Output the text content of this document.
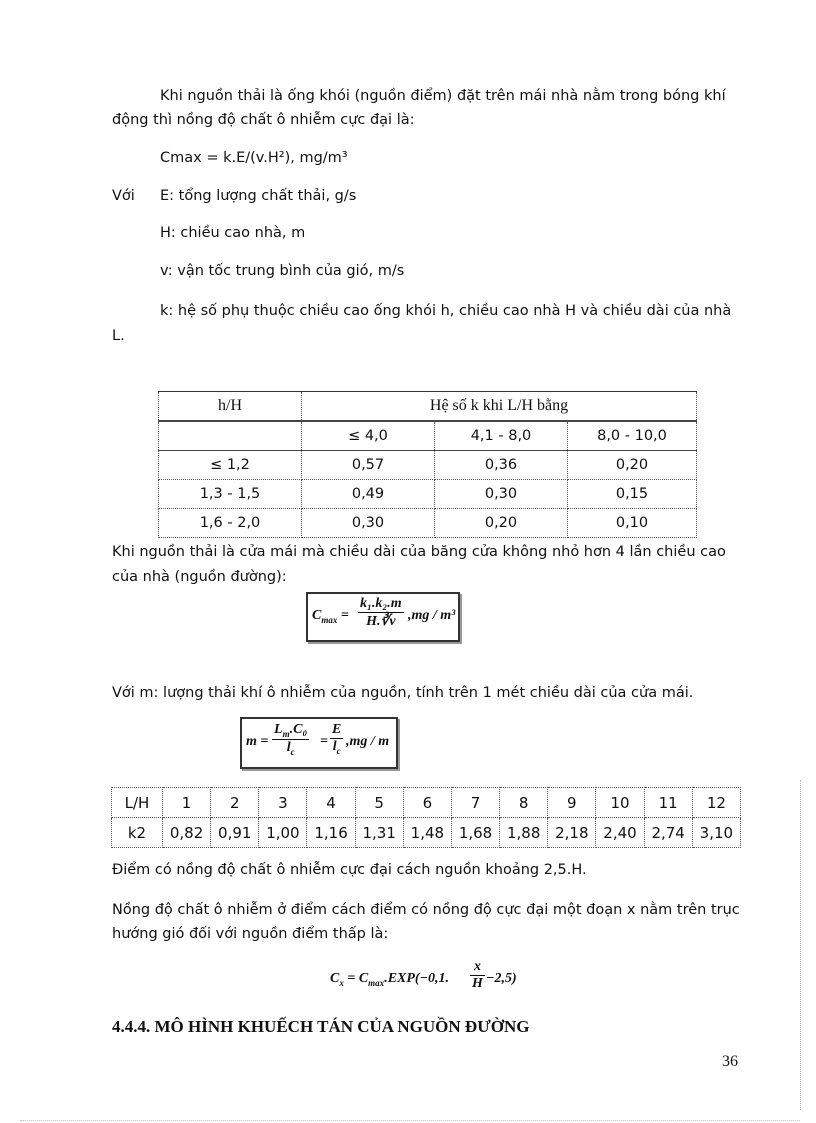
Khi nguồn thải là ống khói (nguồn điểm) đặt trên mái nhà nằm trong bóng khí
động thì nồng độ chất ô nhiễm cực đại là:
Cmax = k.E/(v.H²), mg/m³
Với E: tổng lượng chất thải, g/s
H: chiều cao nhà, m
v: vận tốc trung bình của gió, m/s
k: hệ số phụ thuộc chiều cao ống khói h, chiều cao nhà H và chiều dài của nhà
L.
h/H	Hệ số k khi L/H bằng		
	≤ 4,0	4,1 - 8,0	8,0 - 10,0
≤ 1,2	0,57	0,36	0,20
1,3 - 1,5	0,49	0,30	0,15
1,6 - 2,0	0,30	0,20	0,10
Khi nguồn thải là cửa mái mà chiều dài của băng cửa không nhỏ hơn 4 lần chiều cao
của nhà (nguồn đường):
$C_{max} = \frac{\text{k₁.k₂.m}}{H.∛v} ,mg / m^3$
Với m: lượng thải khí ô nhiễm của nguồn, tính trên 1 mét chiều dài của cửa mái.
$m = \frac{L_m.C_0}{l_c} = \frac{E}{l_c} ,mg / m$
L/H	1	2	3	4	5	6	7	8	9	10	11	12
k2	0,82	0,91	1,00	1,16	1,31	1,48	1,68	1,88	2,18	2,40	2,74	3,10
Điểm có nồng độ chất ô nhiễm cực đại cách nguồn khoảng 2,5.H.
Nồng độ chất ô nhiễm ở điểm cách điểm có nồng độ cực đại một đoạn x nằm trên trục
hướng gió đối với nguồn điểm thấp là:
$C_x = C_{max}.EXP(-0,1$. $\frac{x}{H} -2,5$)
4.4.4. MÔ HÌNH KHUẾCH TÁN CỦA NGUỒN ĐƯỜNG
36
